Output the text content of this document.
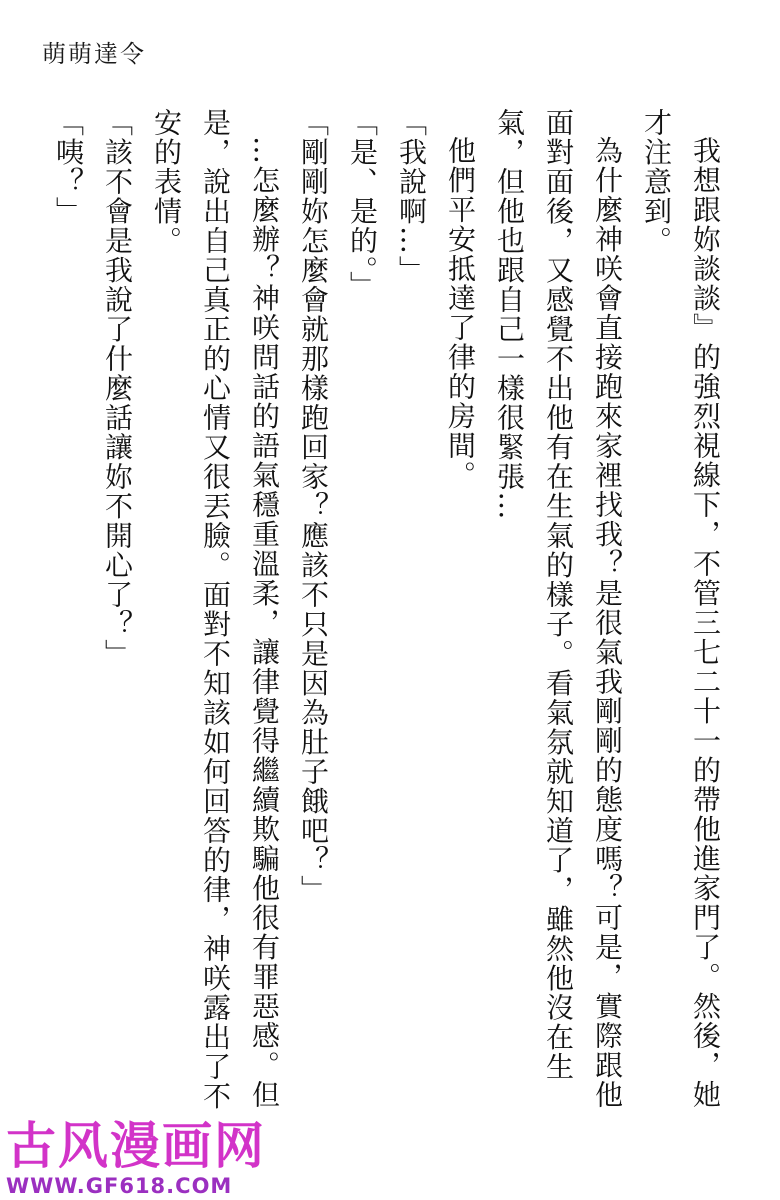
萌萌達令

我想跟妳談談』的強烈視線下，不管三七二十一的帶他進家門了。然後，她才注意到。

為什麼神咲會直接跑來家裡找我？是很氣我剛剛的態度嗎？可是，實際跟他面對面後，又感覺不出他有在生氣的樣子。看氣氛就知道了，雖然他沒在生氣，但他也跟自己一樣很緊張…

他們平安抵達了律的房間。

「我說啊…」

「是、是的。」

「剛剛妳怎麼會就那樣跑回家？應該不只是因為肚子餓吧？」

…怎麼辦？神咲問話的語氣穩重溫柔，讓律覺得繼續欺騙他很有罪惡感。但是，說出自己真正的心情又很丟臉。面對不知該如何回答的律，神咲露出了不安的表情。

「該不會是我說了什麼話讓妳不開心了？」

「咦？」

古风漫画网
WWW.GF618.COM
